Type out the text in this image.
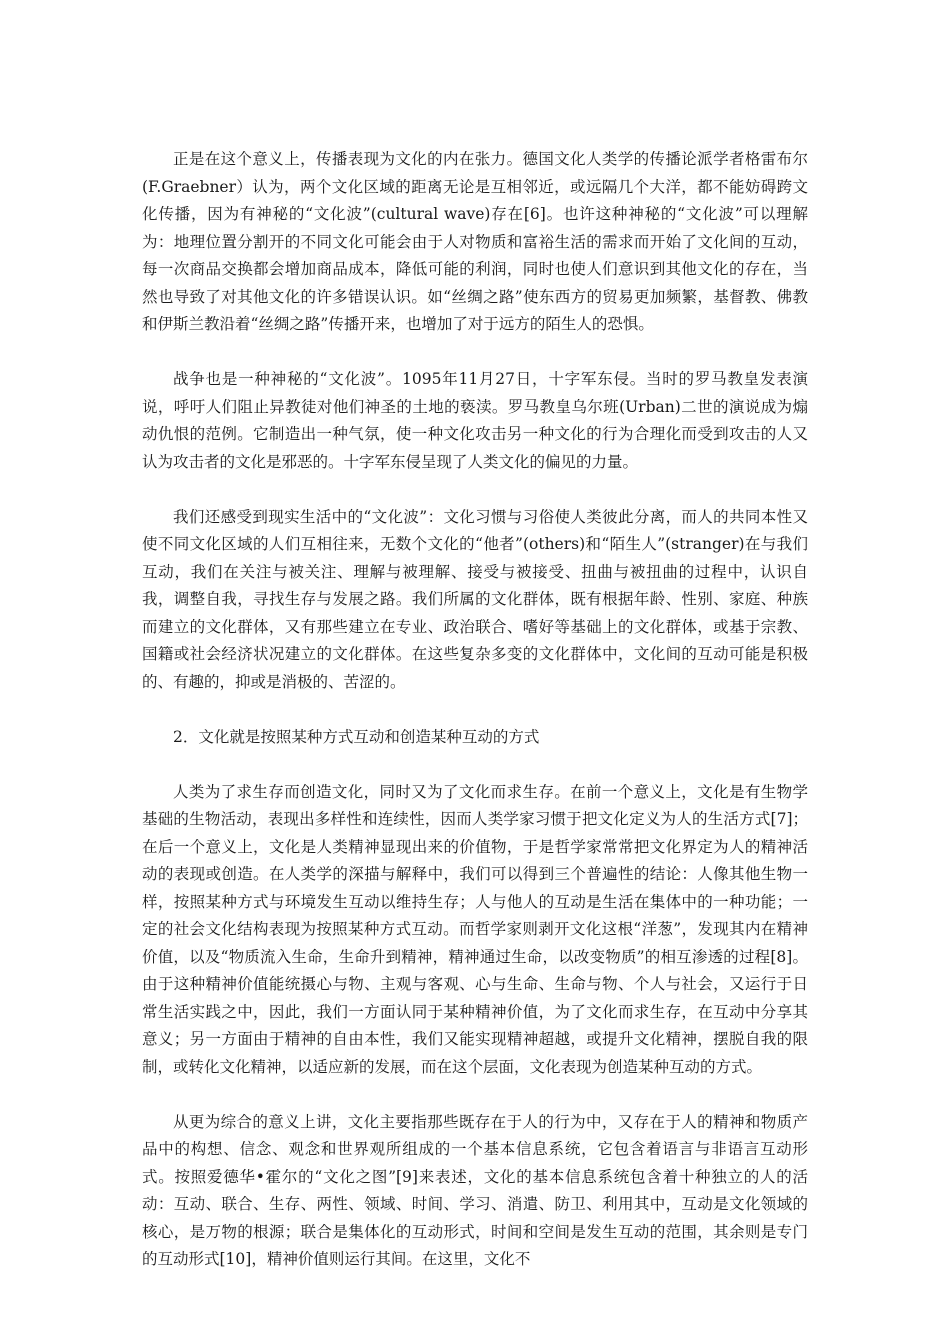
正是在这个意义上，传播表现为文化的内在张力。德国文化人类学的传播论派学者格雷布尔(F.Graebner）认为，两个文化区域的距离无论是互相邻近，或远隔几个大洋，都不能妨碍跨文化传播，因为有神秘的“文化波”(cultural wave)存在[6]。也许这种神秘的“文化波”可以理解为：地理位置分割开的不同文化可能会由于人对物质和富裕生活的需求而开始了文化间的互动，每一次商品交换都会增加商品成本，降低可能的利润，同时也使人们意识到其他文化的存在，当然也导致了对其他文化的许多错误认识。如“丝绸之路”使东西方的贸易更加频繁，基督教、佛教和伊斯兰教沿着“丝绸之路”传播开来，也增加了对于远方的陌生人的恐惧。

战争也是一种神秘的“文化波”。1095年11月27日，十字军东侵。当时的罗马教皇发表演说，呼吁人们阻止异教徒对他们神圣的土地的亵渎。罗马教皇乌尔班(Urban)二世的演说成为煽动仇恨的范例。它制造出一种气氛，使一种文化攻击另一种文化的行为合理化而受到攻击的人又认为攻击者的文化是邪恶的。十字军东侵呈现了人类文化的偏见的力量。

我们还感受到现实生活中的“文化波”：文化习惯与习俗使人类彼此分离，而人的共同本性又使不同文化区域的人们互相往来，无数个文化的“他者”(others)和“陌生人”(stranger)在与我们互动，我们在关注与被关注、理解与被理解、接受与被接受、扭曲与被扭曲的过程中，认识自我，调整自我，寻找生存与发展之路。我们所属的文化群体，既有根据年龄、性别、家庭、种族而建立的文化群体，又有那些建立在专业、政治联合、嗜好等基础上的文化群体，或基于宗教、国籍或社会经济状况建立的文化群体。在这些复杂多变的文化群体中，文化间的互动可能是积极的、有趣的，抑或是消极的、苦涩的。

2．文化就是按照某种方式互动和创造某种互动的方式

人类为了求生存而创造文化，同时又为了文化而求生存。在前一个意义上，文化是有生物学基础的生物活动，表现出多样性和连续性，因而人类学家习惯于把文化定义为人的生活方式[7]；在后一个意义上，文化是人类精神显现出来的价值物，于是哲学家常常把文化界定为人的精神活动的表现或创造。在人类学的深描与解释中，我们可以得到三个普遍性的结论：人像其他生物一样，按照某种方式与环境发生互动以维持生存；人与他人的互动是生活在集体中的一种功能；一定的社会文化结构表现为按照某种方式互动。而哲学家则剥开文化这根“洋葱”，发现其内在精神价值，以及“物质流入生命，生命升到精神，精神通过生命，以改变物质”的相互渗透的过程[8]。由于这种精神价值能统摄心与物、主观与客观、心与生命、生命与物、个人与社会，又运行于日常生活实践之中，因此，我们一方面认同于某种精神价值，为了文化而求生存，在互动中分享其意义；另一方面由于精神的自由本性，我们又能实现精神超越，或提升文化精神，摆脱自我的限制，或转化文化精神，以适应新的发展，而在这个层面，文化表现为创造某种互动的方式。

从更为综合的意义上讲，文化主要指那些既存在于人的行为中，又存在于人的精神和物质产品中的构想、信念、观念和世界观所组成的一个基本信息系统，它包含着语言与非语言互动形式。按照爱德华•霍尔的“文化之图”[9]来表述，文化的基本信息系统包含着十种独立的人的活动：互动、联合、生存、两性、领域、时间、学习、消遣、防卫、利用其中，互动是文化领域的核心，是万物的根源；联合是集体化的互动形式，时间和空间是发生互动的范围，其余则是专门的互动形式[10]，精神价值则运行其间。在这里，文化不
